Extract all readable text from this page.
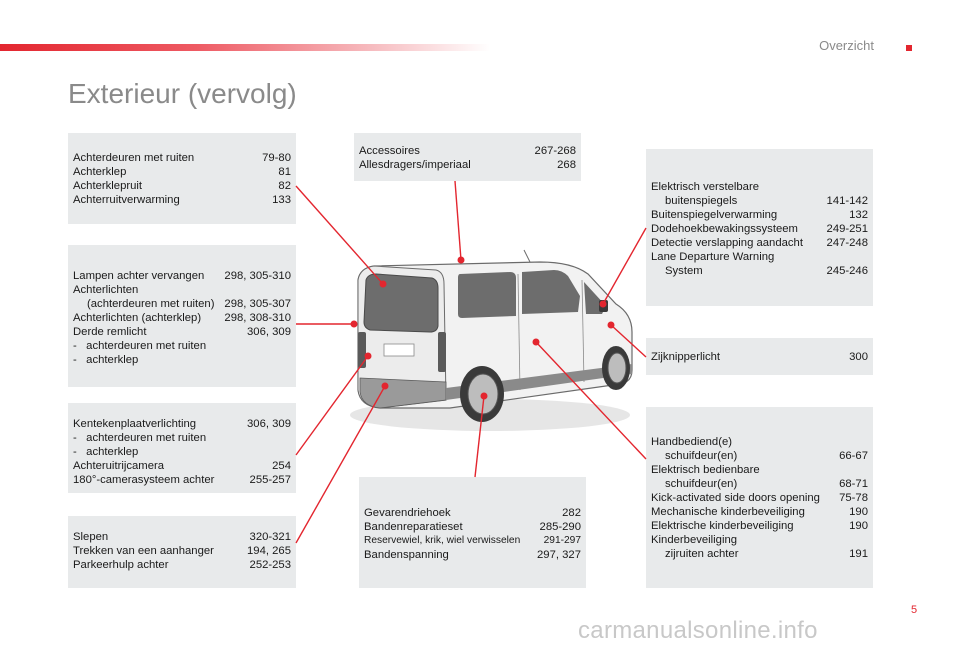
Overzicht
Exterieur (vervolg)
Achterdeuren met ruiten	79-80
Achterklep	81
Achterklepruit	82
Achterruitverwarming	133
Lampen achter vervangen	298, 305-310
Achterlichten
(achterdeuren met ruiten) 298, 305-307
Achterlichten (achterklep)	298, 308-310
Derde remlicht	306, 309
-   achterdeuren met ruiten
-   achterklep
Kentekenplaatverlichting	306, 309
-   achterdeuren met ruiten
-   achterklep
Achteruitrijcamera	254
180°-camerasysteem achter	255-257
Slepen	320-321
Trekken van een aanhanger	194, 265
Parkeerhulp achter	252-253
Accessoires	267-268
Allesdragers/imperiaal	268
Elektrisch verstelbare
buitenspiegels	141-142
Buitenspiegelverwarming	132
Dodehoekbewakingssysteem	249-251
Detectie verslapping aandacht	247-248
Lane Departure Warning
System	245-246
Zijknipperlicht	300
Handbediend(e)
schuifdeur(en)	66-67
Elektrisch bedienbare
schuifdeur(en)	68-71
Kick-activated side doors opening	75-78
Mechanische kinderbeveiliging	190
Elektrische kinderbeveiliging	190
Kinderbeveiliging
zijruiten achter	191
Gevarendriehoek	282
Bandenreparatieset	285-290
Reservewiel, krik, wiel verwisselen	291-297
Bandenspanning	297, 327
5
carmanualsonline.info
